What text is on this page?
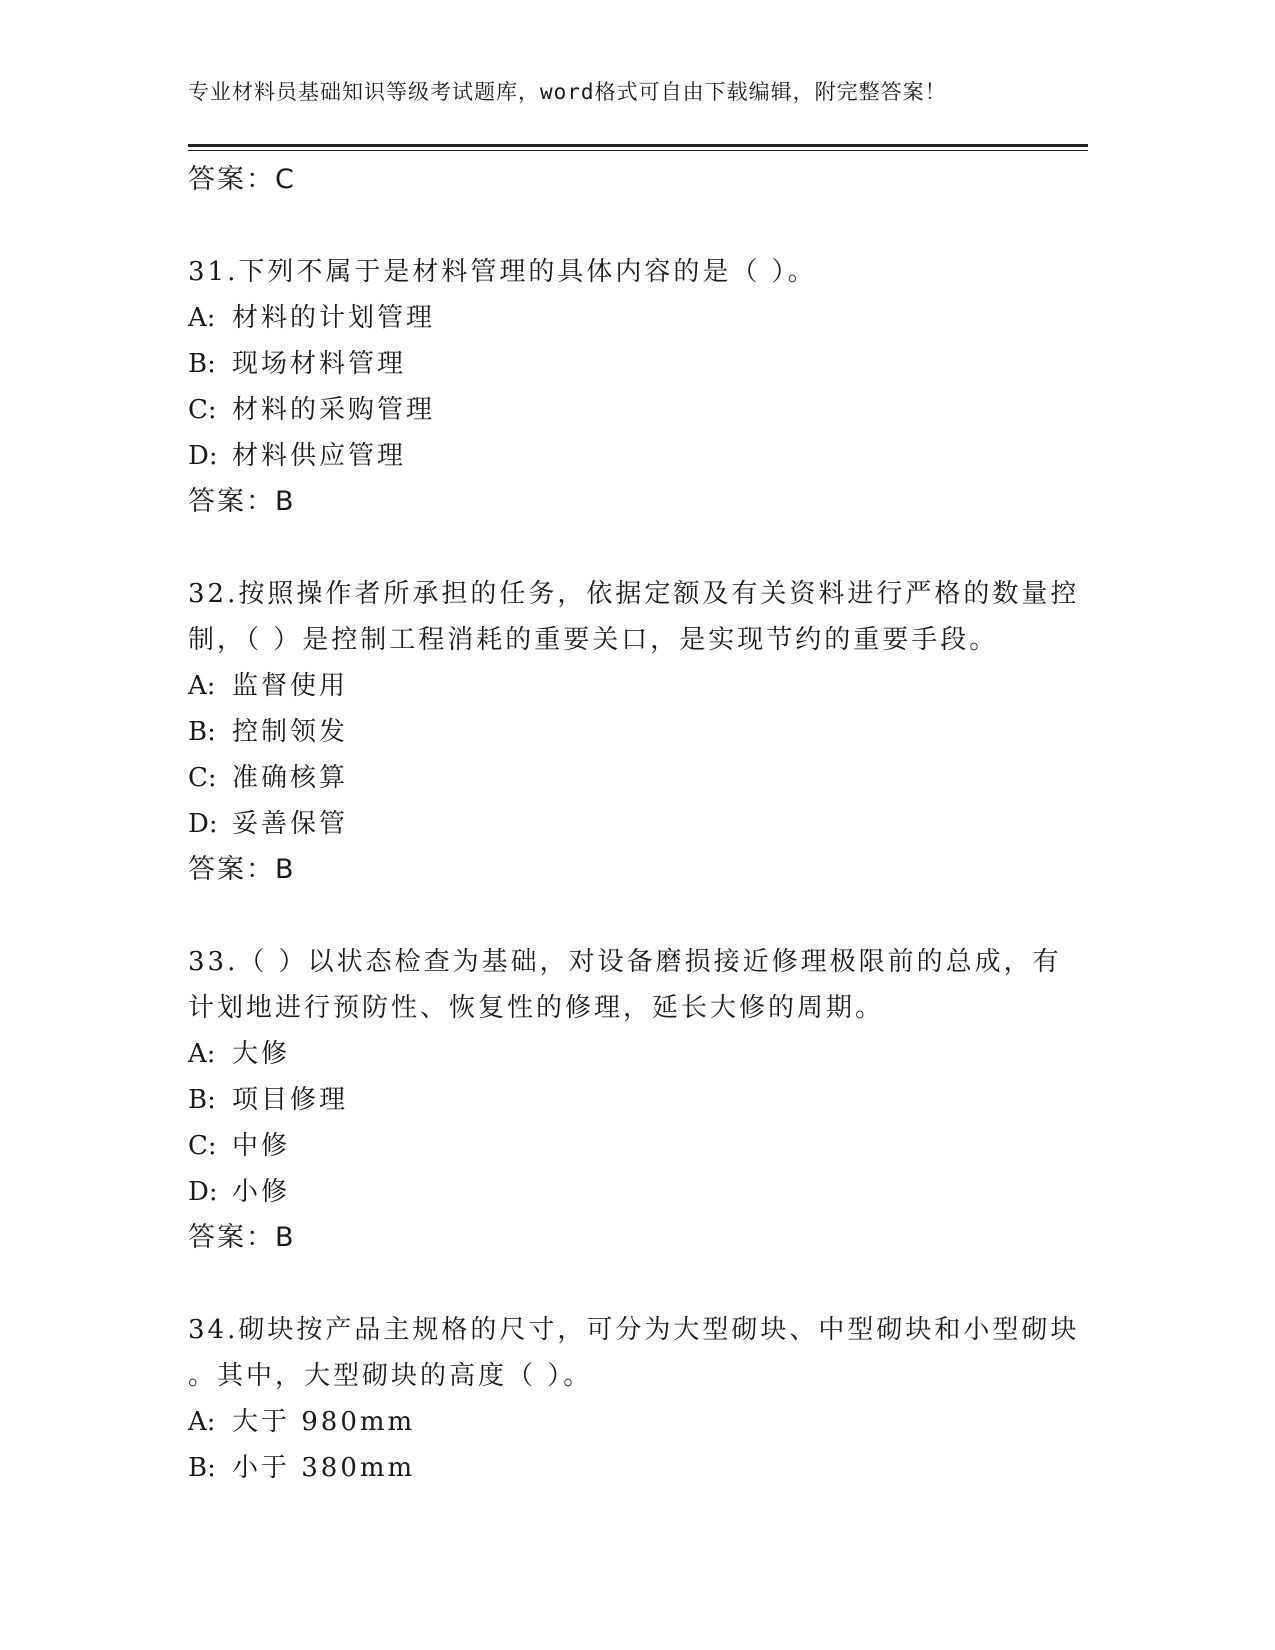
专业材料员基础知识等级考试题库，word格式可自由下载编辑，附完整答案！
答案：C
31.下列不属于是材料管理的具体内容的是（ ）。
A: 材料的计划管理
B: 现场材料管理
C: 材料的采购管理
D: 材料供应管理
答案：B
32.按照操作者所承担的任务，依据定额及有关资料进行严格的数量控
制，（ ）是控制工程消耗的重要关口，是实现节约的重要手段。
A: 监督使用
B: 控制领发
C: 准确核算
D: 妥善保管
答案：B
33.（ ）以状态检查为基础，对设备磨损接近修理极限前的总成，有
计划地进行预防性、恢复性的修理，延长大修的周期。
A: 大修
B: 项目修理
C: 中修
D: 小修
答案：B
34.砌块按产品主规格的尺寸，可分为大型砌块、中型砌块和小型砌块
。其中，大型砌块的高度（ ）。
A: 大于 980mm
B: 小于 380mm
